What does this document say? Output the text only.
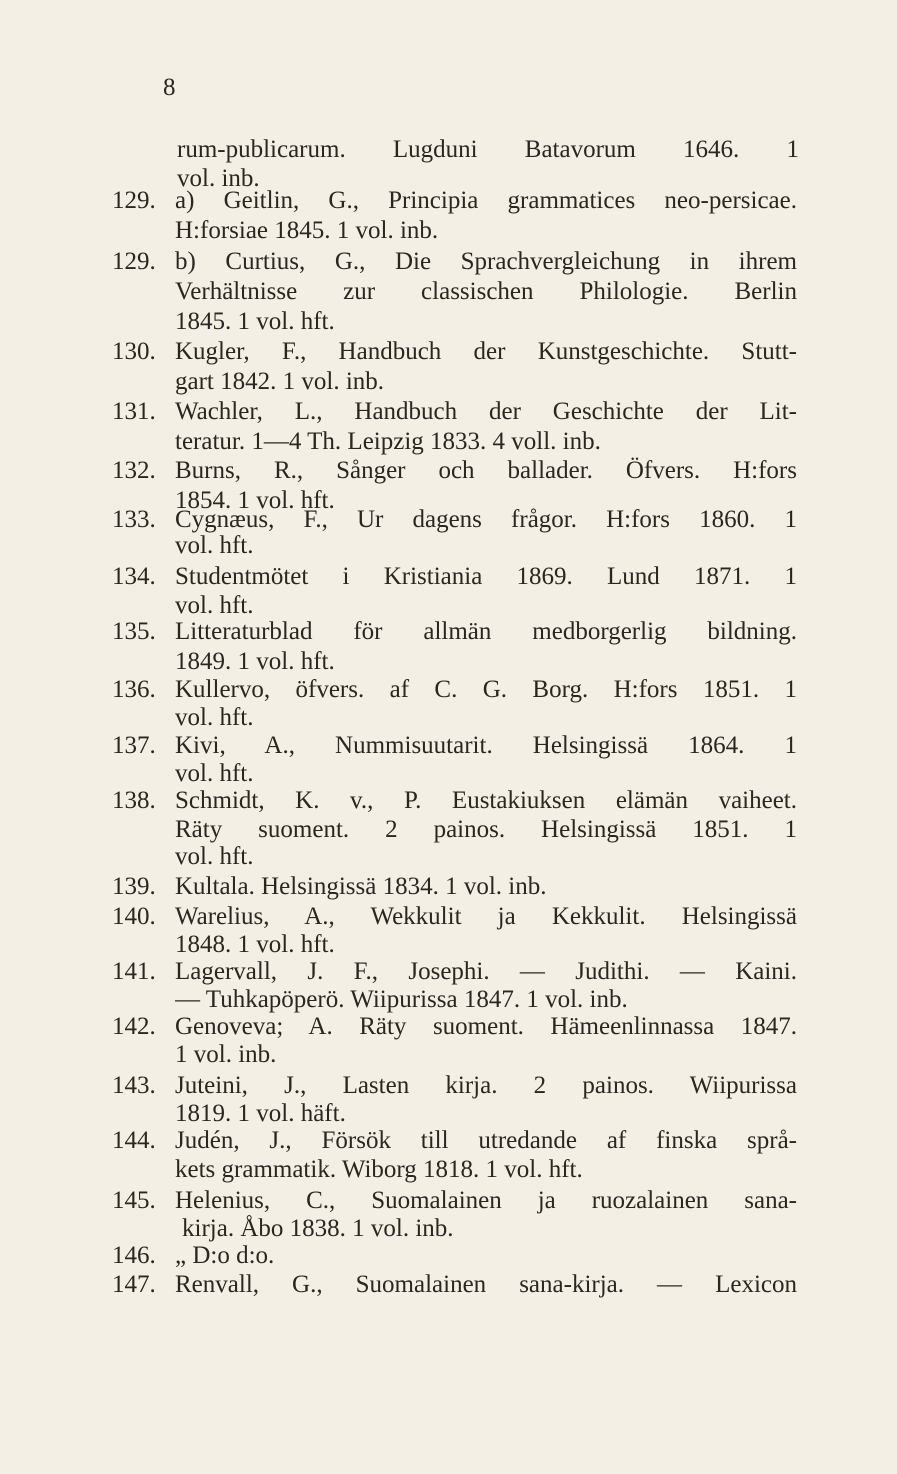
8
rum-publicarum. Lugduni Batavorum 1646. 1
vol. inb.
129. a) Geitlin, G., Principia grammatices neo-persicae.
H:forsiae 1845. 1 vol. inb.
129. b) Curtius, G., Die Sprachvergleichung in ihrem
Verhältnisse zur classischen Philologie. Berlin
1845. 1 vol. hft.
130. Kugler, F., Handbuch der Kunstgeschichte. Stutt-
gart 1842. 1 vol. inb.
131. Wachler, L., Handbuch der Geschichte der Lit-
teratur. 1—4 Th. Leipzig 1833. 4 voll. inb.
132. Burns, R., Sånger och ballader. Öfvers. H:fors
1854. 1 vol. hft.
133. Cygnæus, F., Ur dagens frågor. H:fors 1860. 1
vol. hft.
134. Studentmötet i Kristiania 1869. Lund 1871. 1
vol. hft.
135. Litteraturblad för allmän medborgerlig bildning.
1849. 1 vol. hft.
136. Kullervo, öfvers. af C. G. Borg. H:fors 1851. 1
vol. hft.
137. Kivi, A., Nummisuutarit. Helsingissä 1864. 1
vol. hft.
138. Schmidt, K. v., P. Eustakiuksen elämän vaiheet.
Räty suoment. 2 painos. Helsingissä 1851. 1
vol. hft.
139. Kultala. Helsingissä 1834. 1 vol. inb.
140. Warelius, A., Wekkulit ja Kekkulit. Helsingissä
1848. 1 vol. hft.
141. Lagervall, J. F., Josephi. — Judithi. — Kaini.
— Tuhkapöperö. Wiipurissa 1847. 1 vol. inb.
142. Genoveva; A. Räty suoment. Hämeenlinnassa 1847.
1 vol. inb.
143. Juteini, J., Lasten kirja. 2 painos. Wiipurissa
1819. 1 vol. häft.
144. Judén, J., Försök till utredande af finska språ-
kets grammatik. Wiborg 1818. 1 vol. hft.
145. Helenius, C., Suomalainen ja ruozalainen sana-
kirja. Åbo 1838. 1 vol. inb.
146. „ D:o d:o.
147. Renvall, G., Suomalainen sana-kirja. — Lexicon
